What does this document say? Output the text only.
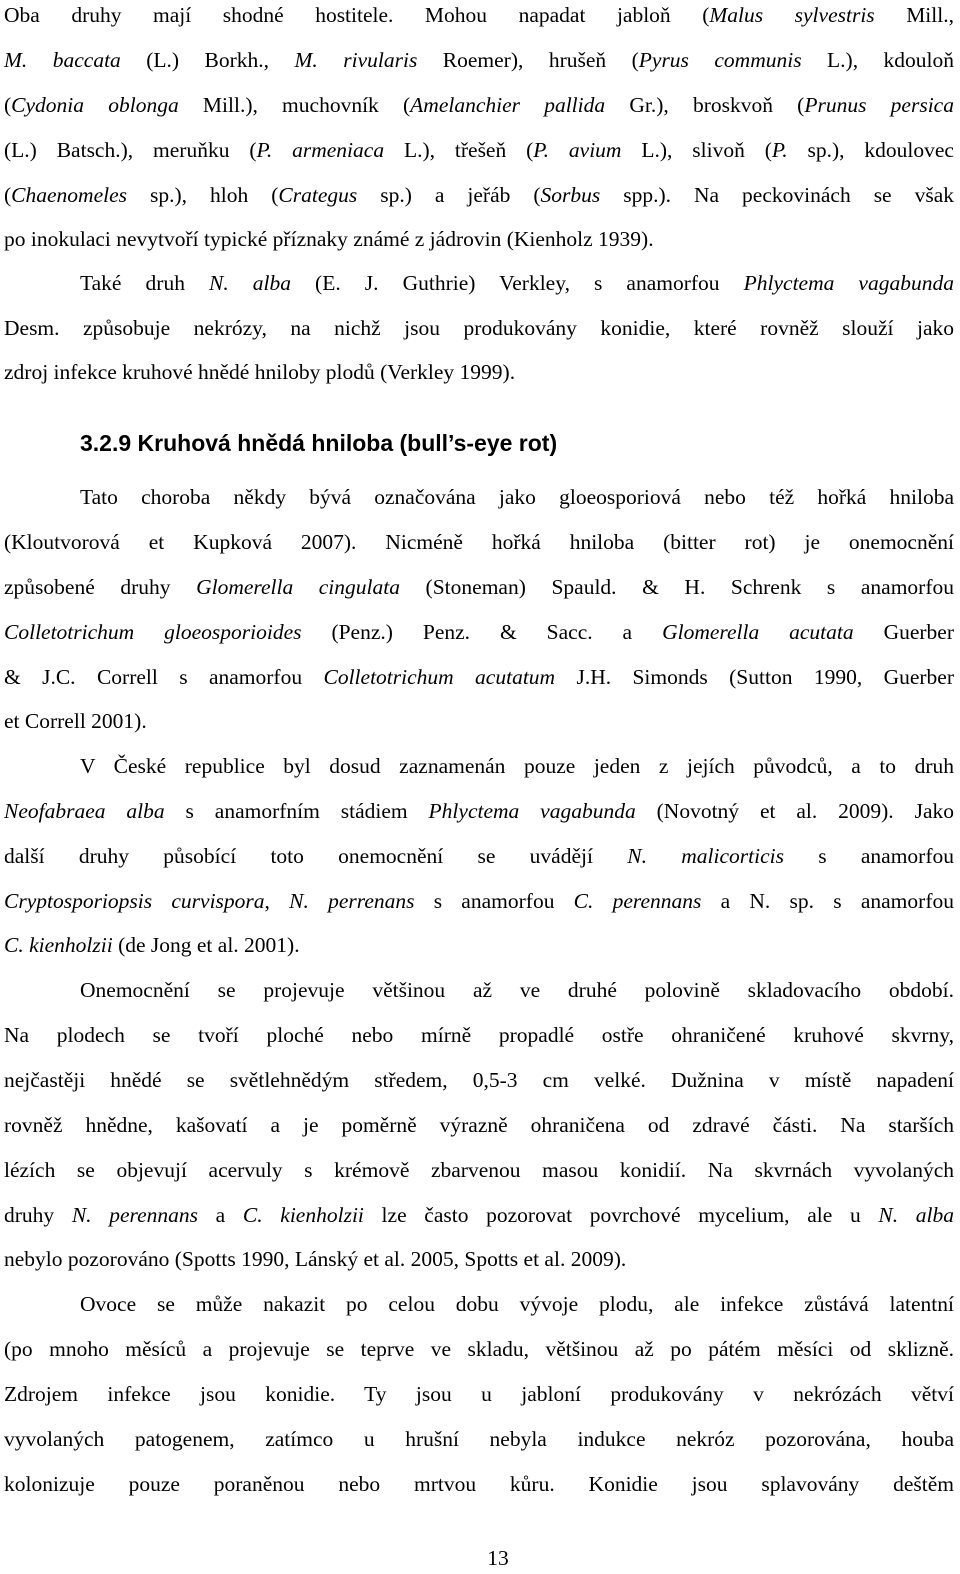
Oba druhy mají shodné hostitele. Mohou napadat jabloň (Malus sylvestris Mill.,
M. baccata (L.) Borkh., M. rivularis Roemer), hrušeň (Pyrus communis L.), kdouloň
(Cydonia oblonga Mill.), muchovník (Amelanchier pallida Gr.), broskvoň (Prunus persica
(L.) Batsch.), meruňku (P. armeniaca L.), třešeň (P. avium L.), slivoň (P. sp.), kdoulovec
(Chaenomeles sp.), hloh (Crategus sp.) a jeřáb (Sorbus spp.). Na peckovinách se však
po inokulaci nevytvoří typické příznaky známé z jádrovin (Kienholz 1939).
Také druh N. alba (E. J. Guthrie) Verkley, s anamorfou Phlyctema vagabunda
Desm. způsobuje nekrózy, na nichž jsou produkovány konidie, které rovněž slouží jako
zdroj infekce kruhové hnědé hniloby plodů (Verkley 1999).
3.2.9 Kruhová hnědá hniloba (bull’s-eye rot)
Tato choroba někdy bývá označována jako gloeosporiová nebo též hořká hniloba
(Kloutvorová et Kupková 2007). Nicméně hořká hniloba (bitter rot) je onemocnění
způsobené druhy Glomerella cingulata (Stoneman) Spauld. & H. Schrenk s anamorfou
Colletotrichum gloeosporioides (Penz.) Penz. & Sacc. a Glomerella acutata Guerber
& J.C. Correll s anamorfou Colletotrichum acutatum J.H. Simonds (Sutton 1990, Guerber
et Correll 2001).
V České republice byl dosud zaznamenán pouze jeden z jejích původců, a to druh
Neofabraea alba s anamorfním stádiem Phlyctema vagabunda (Novotný et al. 2009). Jako
další druhy působící toto onemocnění se uvádějí N. malicorticis s anamorfou
Cryptosporiopsis curvispora, N. perrenans s anamorfou C. perennans a N. sp. s anamorfou
C. kienholzii (de Jong et al. 2001).
Onemocnění se projevuje většinou až ve druhé polovině skladovacího období.
Na plodech se tvoří ploché nebo mírně propadlé ostře ohraničené kruhové skvrny,
nejčastěji hnědé se světlehnědým středem, 0,5-3 cm velké. Dužnina v místě napadení
rovněž hnědne, kašovatí a je poměrně výrazně ohraničena od zdravé části. Na starších
lézích se objevují acervuly s krémově zbarvenou masou konidií. Na skvrnách vyvolaných
druhy N. perennans a C. kienholzii lze často pozorovat povrchové mycelium, ale u N. alba
nebylo pozorováno (Spotts 1990, Lánský et al. 2005, Spotts et al. 2009).
Ovoce se může nakazit po celou dobu vývoje plodu, ale infekce zůstává latentní
(po mnoho měsíců a projevuje se teprve ve skladu, většinou až po pátém měsíci od sklizně.
Zdrojem infekce jsou konidie. Ty jsou u jabloní produkovány v nekrózách větví
vyvolaných patogenem, zatímco u hrušní nebyla indukce nekróz pozorována, houba
kolonizuje pouze poraněnou nebo mrtvou kůru. Konidie jsou splavovány deštěm
13
